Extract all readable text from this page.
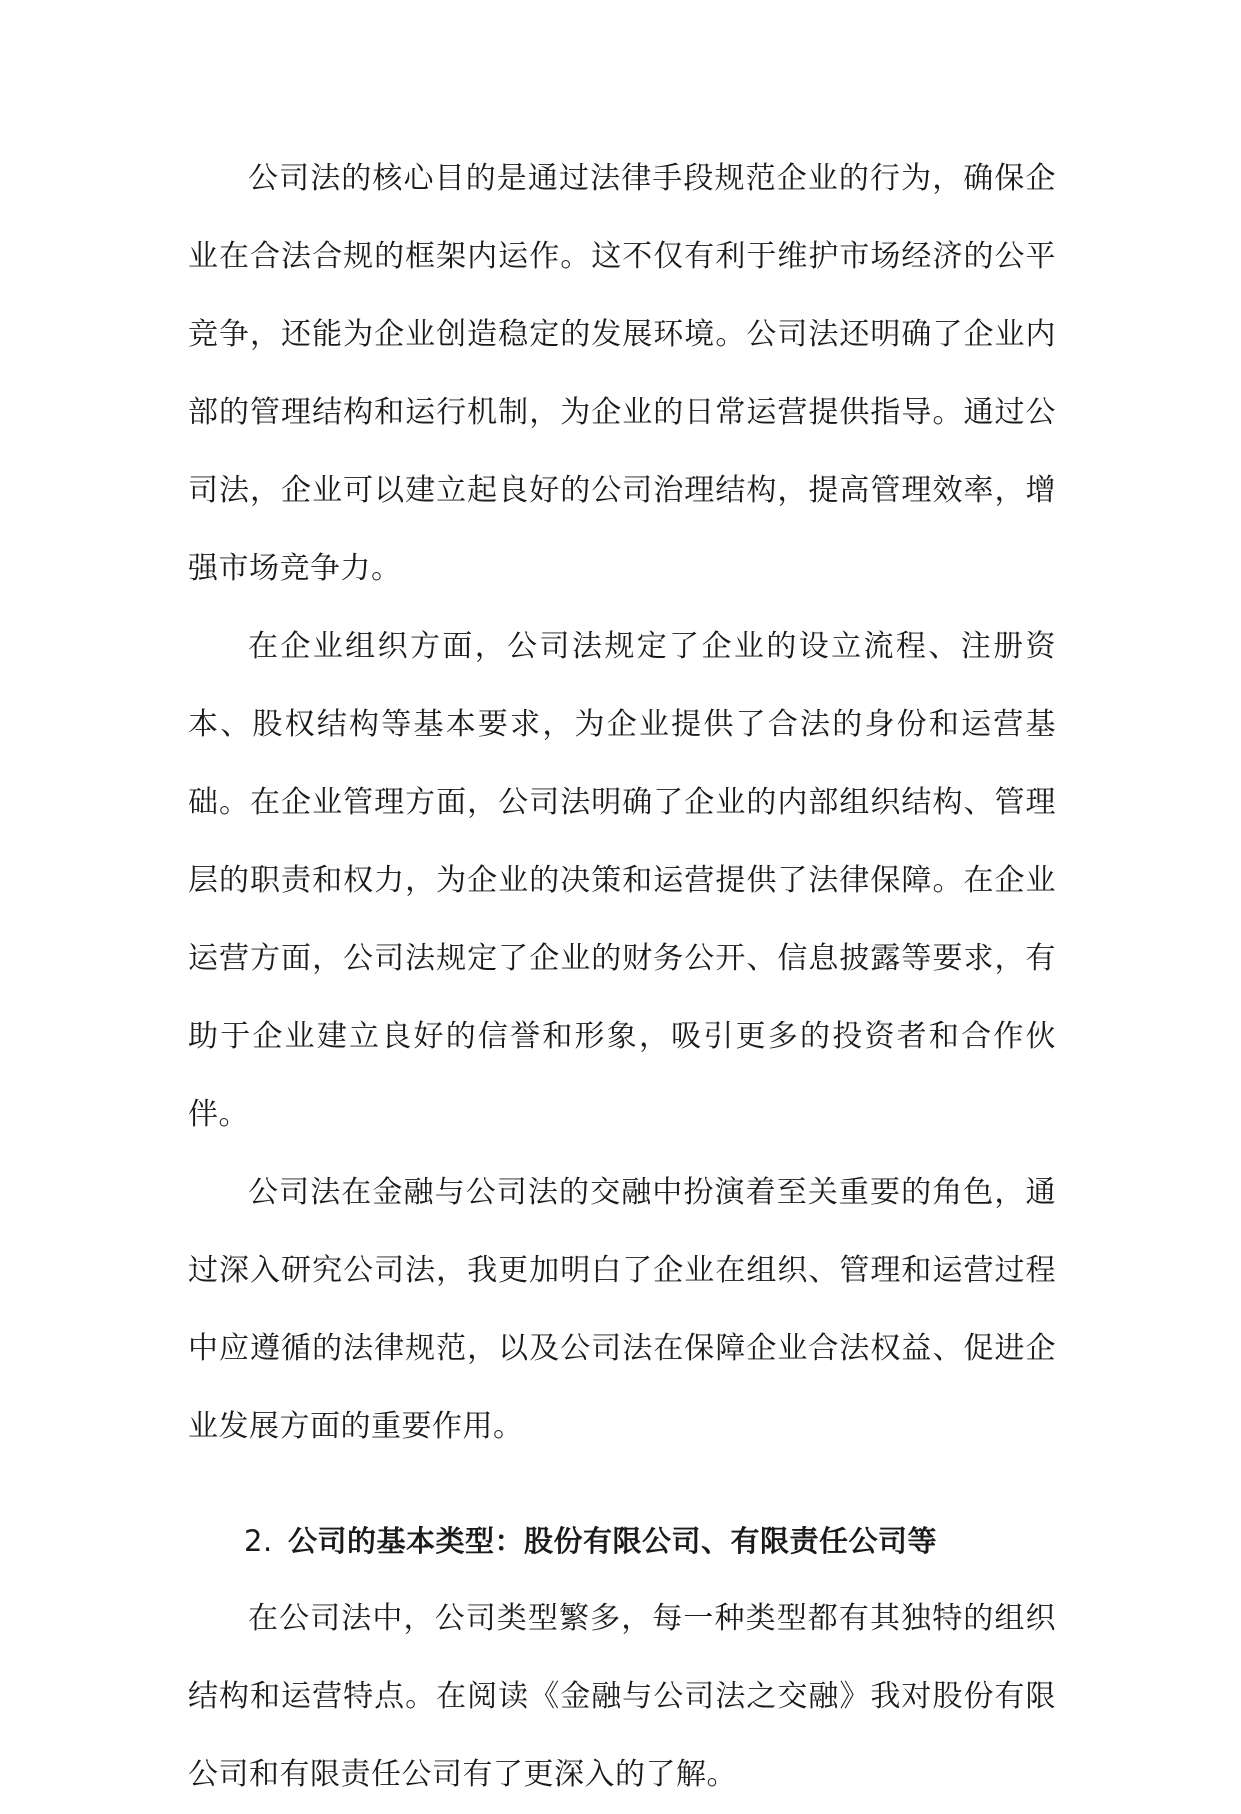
公司法的核心目的是通过法律手段规范企业的行为，确保企业在合法合规的框架内运作。这不仅有利于维护市场经济的公平竞争，还能为企业创造稳定的发展环境。公司法还明确了企业内部的管理结构和运行机制，为企业的日常运营提供指导。通过公司法，企业可以建立起良好的公司治理结构，提高管理效率，增强市场竞争力。

在企业组织方面，公司法规定了企业的设立流程、注册资本、股权结构等基本要求，为企业提供了合法的身份和运营基础。在企业管理方面，公司法明确了企业的内部组织结构、管理层的职责和权力，为企业的决策和运营提供了法律保障。在企业运营方面，公司法规定了企业的财务公开、信息披露等要求，有助于企业建立良好的信誉和形象，吸引更多的投资者和合作伙伴。

公司法在金融与公司法的交融中扮演着至关重要的角色，通过深入研究公司法，我更加明白了企业在组织、管理和运营过程中应遵循的法律规范，以及公司法在保障企业合法权益、促进企业发展方面的重要作用。

2. 公司的基本类型：股份有限公司、有限责任公司等

在公司法中，公司类型繁多，每一种类型都有其独特的组织结构和运营特点。在阅读《金融与公司法之交融》我对股份有限公司和有限责任公司有了更深入的了解。
